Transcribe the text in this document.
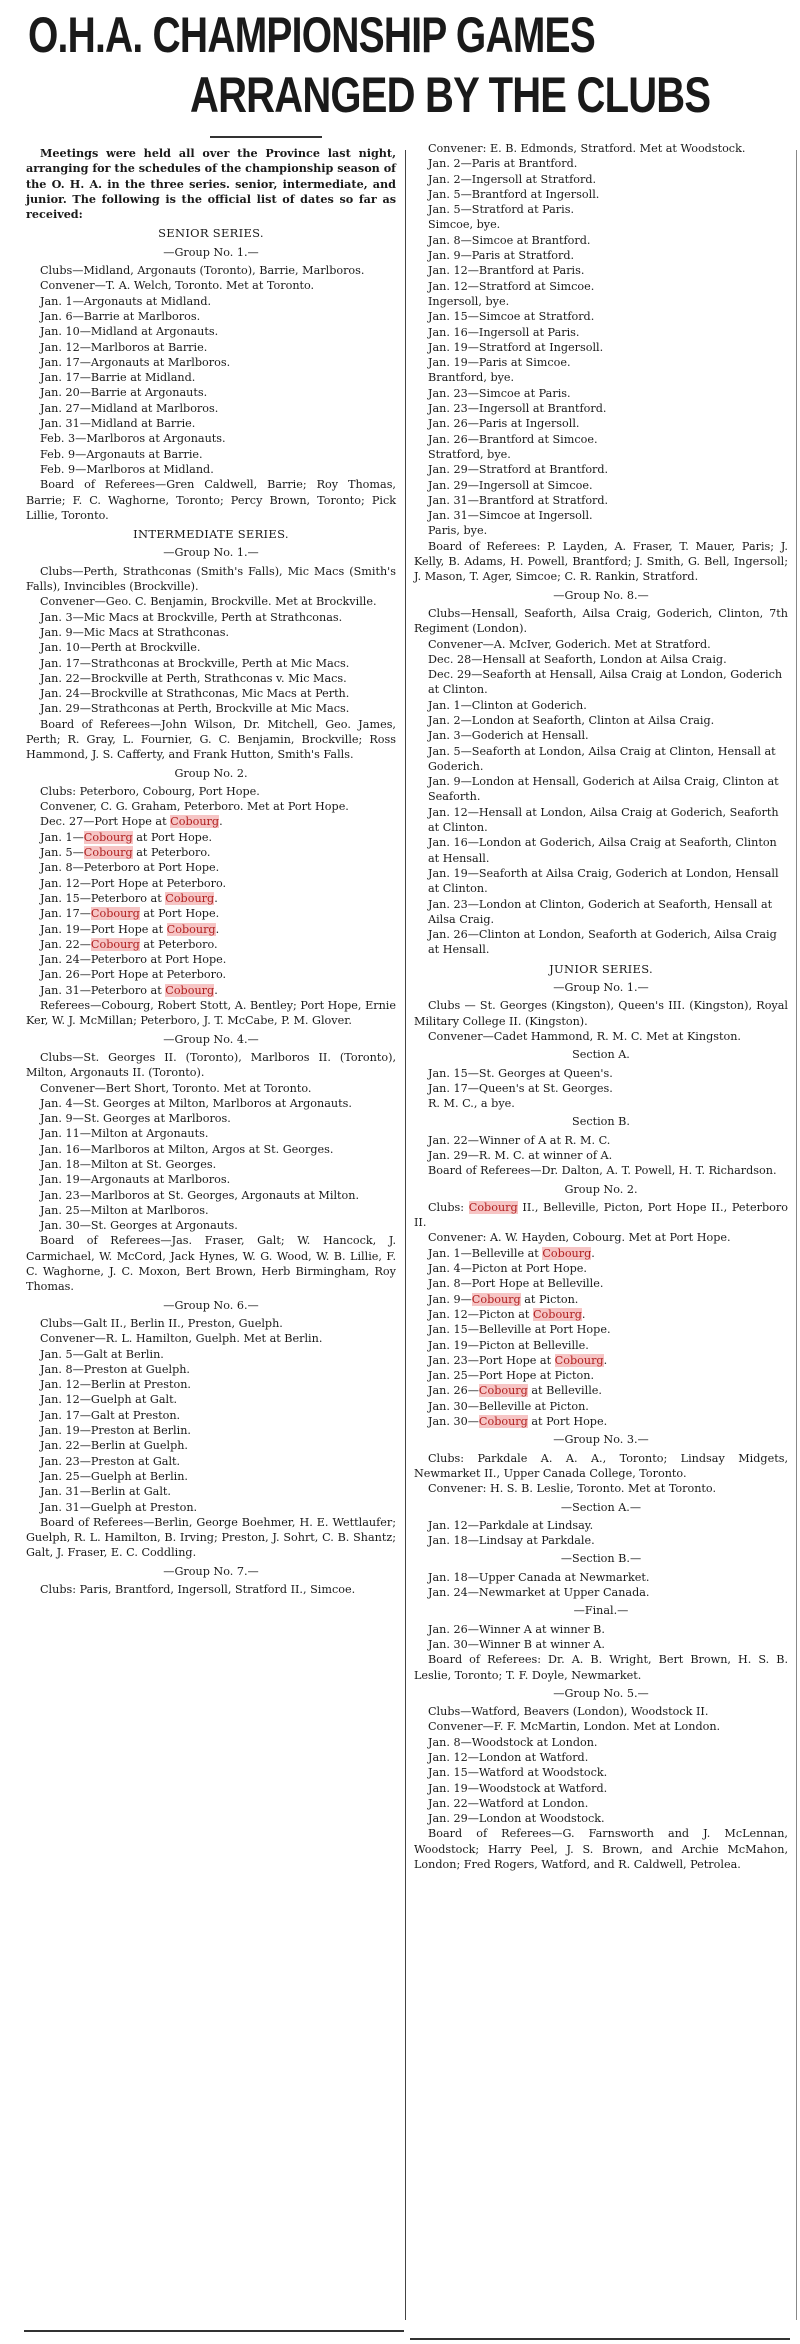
O.H.A. CHAMPIONSHIP GAMES
ARRANGED BY THE CLUBS

Meetings were held all over the Province last night, arranging for the schedules of the championship season of the O. H. A. in the three series. senior, intermediate, and junior. The following is the official list of dates so far as received:

SENIOR SERIES.
—Group No. 1.—

Clubs—Midland, Argonauts (Toronto), Barrie, Marlboros.

Convener—T. A. Welch, Toronto. Met at Toronto.

Jan. 1—Argonauts at Midland.

Jan. 6—Barrie at Marlboros.

Jan. 10—Midland at Argonauts.

Jan. 12—Marlboros at Barrie.

Jan. 17—Argonauts at Marlboros.

Jan. 17—Barrie at Midland.

Jan. 20—Barrie at Argonauts.

Jan. 27—Midland at Marlboros.

Jan. 31—Midland at Barrie.

Feb. 3—Marlboros at Argonauts.

Feb. 9—Argonauts at Barrie.

Feb. 9—Marlboros at Midland.

Board of Referees—Gren Caldwell, Barrie; Roy Thomas, Barrie; F. C. Waghorne, Toronto; Percy Brown, Toronto; Pick Lillie, Toronto.

INTERMEDIATE SERIES.
—Group No. 1.—

Clubs—Perth, Strathconas (Smith's Falls), Mic Macs (Smith's Falls), Invincibles (Brockville).

Convener—Geo. C. Benjamin, Brockville. Met at Brockville.

Jan. 3—Mic Macs at Brockville, Perth at Strathconas.

Jan. 9—Mic Macs at Strathconas.

Jan. 10—Perth at Brockville.

Jan. 17—Strathconas at Brockville, Perth at Mic Macs.

Jan. 22—Brockville at Perth, Strathconas v. Mic Macs.

Jan. 24—Brockville at Strathconas, Mic Macs at Perth.

Jan. 29—Strathconas at Perth, Brockville at Mic Macs.

Board of Referees—John Wilson, Dr. Mitchell, Geo. James, Perth; R. Gray, L. Fournier, G. C. Benjamin, Brockville; Ross Hammond, J. S. Cafferty, and Frank Hutton, Smith's Falls.

Group No. 2.

Clubs: Peterboro, Cobourg, Port Hope.

Convener, C. G. Graham, Peterboro. Met at Port Hope.

Dec. 27—Port Hope at Cobourg.

Jan. 1—Cobourg at Port Hope.

Jan. 5—Cobourg at Peterboro.

Jan. 8—Peterboro at Port Hope.

Jan. 12—Port Hope at Peterboro.

Jan. 15—Peterboro at Cobourg.

Jan. 17—Cobourg at Port Hope.

Jan. 19—Port Hope at Cobourg.

Jan. 22—Cobourg at Peterboro.

Jan. 24—Peterboro at Port Hope.

Jan. 26—Port Hope at Peterboro.

Jan. 31—Peterboro at Cobourg.

Referees—Cobourg, Robert Stott, A. Bentley; Port Hope, Ernie Ker, W. J. McMillan; Peterboro, J. T. McCabe, P. M. Glover.

—Group No. 4.—

Clubs—St. Georges II. (Toronto), Marlboros II. (Toronto), Milton, Argonauts II. (Toronto).

Convener—Bert Short, Toronto. Met at Toronto.

Jan. 4—St. Georges at Milton, Marlboros at Argonauts.

Jan. 9—St. Georges at Marlboros.

Jan. 11—Milton at Argonauts.

Jan. 16—Marlboros at Milton, Argos at St. Georges.

Jan. 18—Milton at St. Georges.

Jan. 19—Argonauts at Marlboros.

Jan. 23—Marlboros at St. Georges, Argonauts at Milton.

Jan. 25—Milton at Marlboros.

Jan. 30—St. Georges at Argonauts.

Board of Referees—Jas. Fraser, Galt; W. Hancock, J. Carmichael, W. McCord, Jack Hynes, W. G. Wood, W. B. Lillie, F. C. Waghorne, J. C. Moxon, Bert Brown, Herb Birmingham, Roy Thomas.

—Group No. 6.—

Clubs—Galt II., Berlin II., Preston, Guelph.

Convener—R. L. Hamilton, Guelph. Met at Berlin.

Jan. 5—Galt at Berlin.

Jan. 8—Preston at Guelph.

Jan. 12—Berlin at Preston.

Jan. 12—Guelph at Galt.

Jan. 17—Galt at Preston.

Jan. 19—Preston at Berlin.

Jan. 22—Berlin at Guelph.

Jan. 23—Preston at Galt.

Jan. 25—Guelph at Berlin.

Jan. 31—Berlin at Galt.

Jan. 31—Guelph at Preston.

Board of Referees—Berlin, George Boehmer, H. E. Wettlaufer; Guelph, R. L. Hamilton, B. Irving; Preston, J. Sohrt, C. B. Shantz; Galt, J. Fraser, E. C. Coddling.

—Group No. 7.—

Clubs: Paris, Brantford, Ingersoll, Stratford II., Simcoe.

Convener: E. B. Edmonds, Stratford. Met at Woodstock.

Jan. 2—Paris at Brantford.

Jan. 2—Ingersoll at Stratford.

Jan. 5—Brantford at Ingersoll.

Jan. 5—Stratford at Paris.

Simcoe, bye.

Jan. 8—Simcoe at Brantford.

Jan. 9—Paris at Stratford.

Jan. 12—Brantford at Paris.

Jan. 12—Stratford at Simcoe.

Ingersoll, bye.

Jan. 15—Simcoe at Stratford.

Jan. 16—Ingersoll at Paris.

Jan. 19—Stratford at Ingersoll.

Jan. 19—Paris at Simcoe.

Brantford, bye.

Jan. 23—Simcoe at Paris.

Jan. 23—Ingersoll at Brantford.

Jan. 26—Paris at Ingersoll.

Jan. 26—Brantford at Simcoe.

Stratford, bye.

Jan. 29—Stratford at Brantford.

Jan. 29—Ingersoll at Simcoe.

Jan. 31—Brantford at Stratford.

Jan. 31—Simcoe at Ingersoll.

Paris, bye.

Board of Referees: P. Layden, A. Fraser, T. Mauer, Paris; J. Kelly, B. Adams, H. Powell, Brantford; J. Smith, G. Bell, Ingersoll; J. Mason, T. Ager, Simcoe; C. R. Rankin, Stratford.

—Group No. 8.—

Clubs—Hensall, Seaforth, Ailsa Craig, Goderich, Clinton, 7th Regiment (London).

Convener—A. McIver, Goderich. Met at Stratford.

Dec. 28—Hensall at Seaforth, London at Ailsa Craig.

Dec. 29—Seaforth at Hensall, Ailsa Craig at London, Goderich at Clinton.

Jan. 1—Clinton at Goderich.

Jan. 2—London at Seaforth, Clinton at Ailsa Craig.

Jan. 3—Goderich at Hensall.

Jan. 5—Seaforth at London, Ailsa Craig at Clinton, Hensall at Goderich.

Jan. 9—London at Hensall, Goderich at Ailsa Craig, Clinton at Seaforth.

Jan. 12—Hensall at London, Ailsa Craig at Goderich, Seaforth at Clinton.

Jan. 16—London at Goderich, Ailsa Craig at Seaforth, Clinton at Hensall.

Jan. 19—Seaforth at Ailsa Craig, Goderich at London, Hensall at Clinton.

Jan. 23—London at Clinton, Goderich at Seaforth, Hensall at Ailsa Craig.

Jan. 26—Clinton at London, Seaforth at Goderich, Ailsa Craig at Hensall.

JUNIOR SERIES.
—Group No. 1.—

Clubs — St. Georges (Kingston), Queen's III. (Kingston), Royal Military College II. (Kingston).

Convener—Cadet Hammond, R. M. C. Met at Kingston.

Section A.

Jan. 15—St. Georges at Queen's.

Jan. 17—Queen's at St. Georges.

R. M. C., a bye.

Section B.

Jan. 22—Winner of A at R. M. C.

Jan. 29—R. M. C. at winner of A.

Board of Referees—Dr. Dalton, A. T. Powell, H. T. Richardson.

Group No. 2.

Clubs: Cobourg II., Belleville, Picton, Port Hope II., Peterboro II.

Convener: A. W. Hayden, Cobourg. Met at Port Hope.

Jan. 1—Belleville at Cobourg.

Jan. 4—Picton at Port Hope.

Jan. 8—Port Hope at Belleville.

Jan. 9—Cobourg at Picton.

Jan. 12—Picton at Cobourg.

Jan. 15—Belleville at Port Hope.

Jan. 19—Picton at Belleville.

Jan. 23—Port Hope at Cobourg.

Jan. 25—Port Hope at Picton.

Jan. 26—Cobourg at Belleville.

Jan. 30—Belleville at Picton.

Jan. 30—Cobourg at Port Hope.

—Group No. 3.—

Clubs: Parkdale A. A. A., Toronto; Lindsay Midgets, Newmarket II., Upper Canada College, Toronto.

Convener: H. S. B. Leslie, Toronto. Met at Toronto.

—Section A.—

Jan. 12—Parkdale at Lindsay.

Jan. 18—Lindsay at Parkdale.

—Section B.—

Jan. 18—Upper Canada at Newmarket.

Jan. 24—Newmarket at Upper Canada.

—Final.—

Jan. 26—Winner A at winner B.

Jan. 30—Winner B at winner A.

Board of Referees: Dr. A. B. Wright, Bert Brown, H. S. B. Leslie, Toronto; T. F. Doyle, Newmarket.

—Group No. 5.—

Clubs—Watford, Beavers (London), Woodstock II.

Convener—F. F. McMartin, London. Met at London.

Jan. 8—Woodstock at London.

Jan. 12—London at Watford.

Jan. 15—Watford at Woodstock.

Jan. 19—Woodstock at Watford.

Jan. 22—Watford at London.

Jan. 29—London at Woodstock.

Board of Referees—G. Farnsworth and J. McLennan, Woodstock; Harry Peel, J. S. Brown, and Archie McMahon, London; Fred Rogers, Watford, and R. Caldwell, Petrolea.
